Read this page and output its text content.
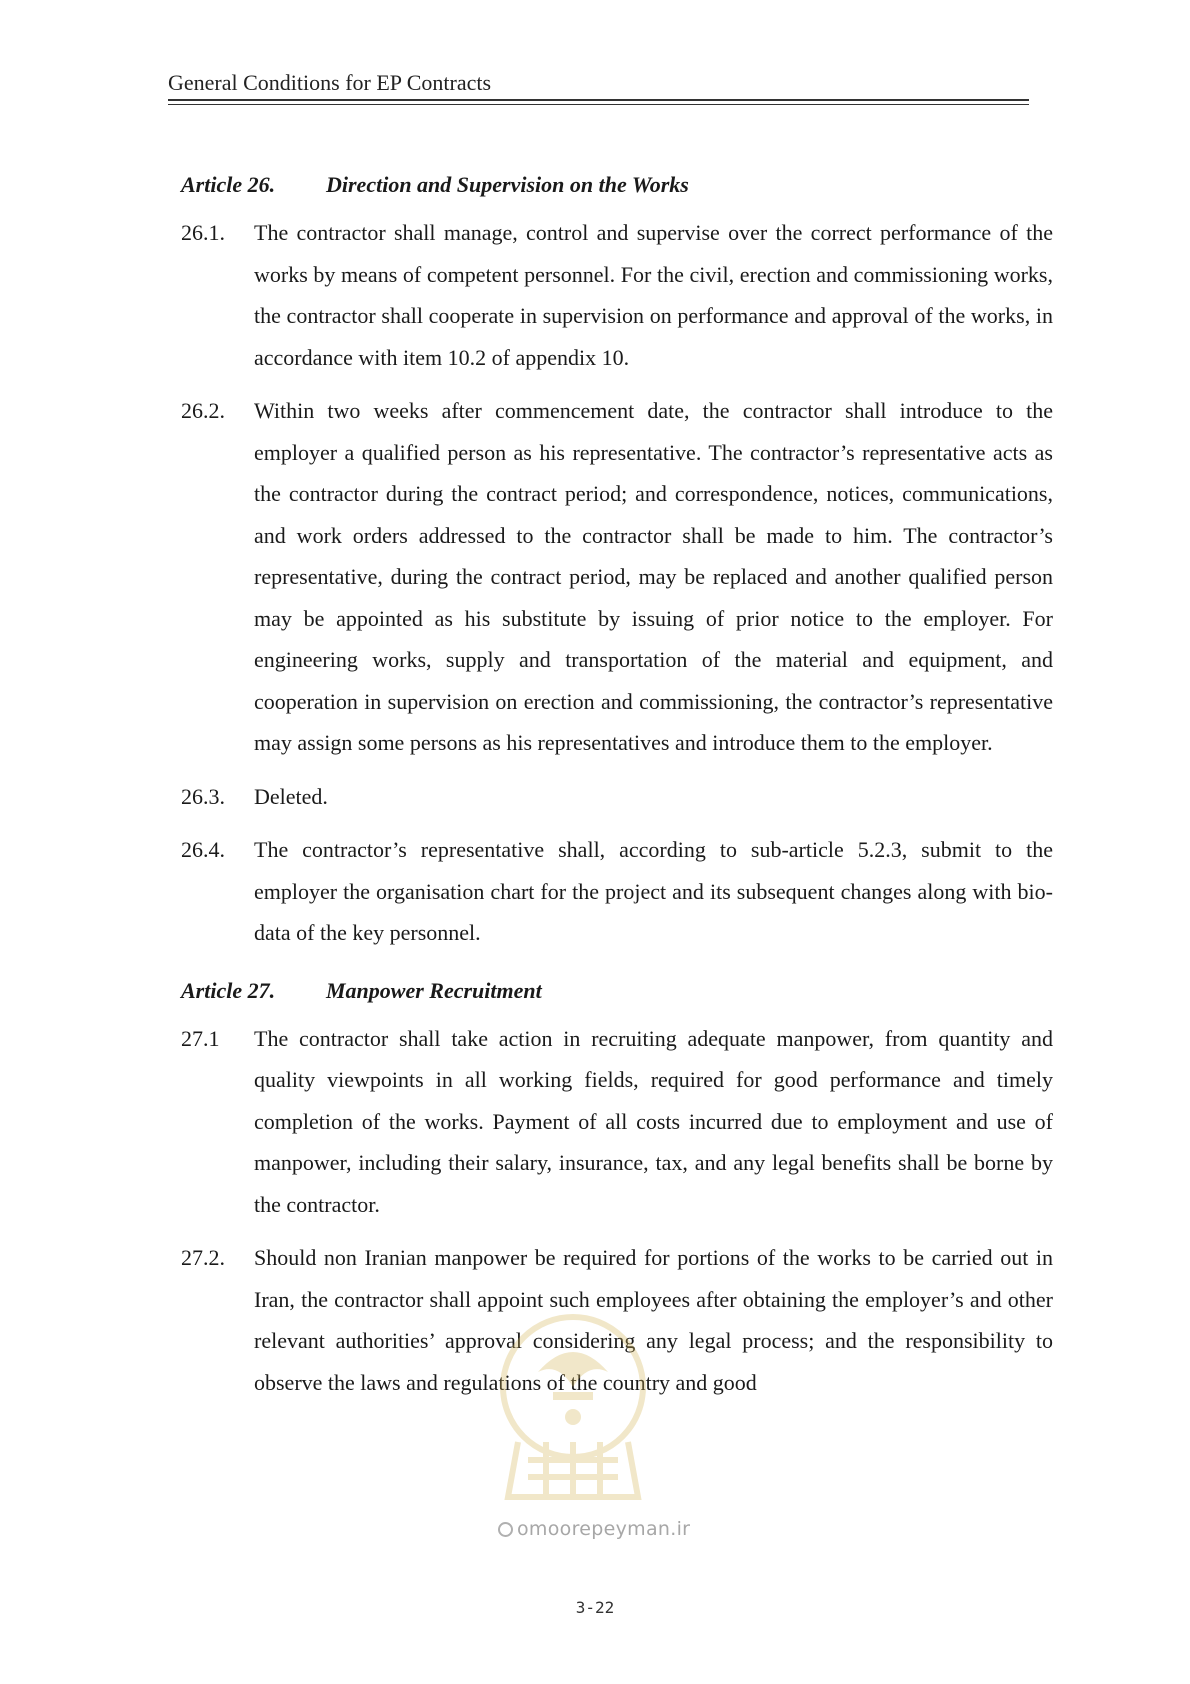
General Conditions for EP Contracts
Article 26.	Direction and Supervision on the Works
26.1.	The contractor shall manage, control and supervise over the correct performance of the works by means of competent personnel. For the civil, erection and commissioning works, the contractor shall cooperate in supervision on performance and approval of the works, in accordance with item 10.2 of appendix 10.
26.2.	Within two weeks after commencement date, the contractor shall introduce to the employer a qualified person as his representative. The contractor’s representative acts as the contractor during the contract period; and correspondence, notices, communications, and work orders addressed to the contractor shall be made to him. The contractor’s representative, during the contract period, may be replaced and another qualified person may be appointed as his substitute by issuing of prior notice to the employer. For engineering works, supply and transportation of the material and equipment, and cooperation in supervision on erection and commissioning, the contractor’s representative may assign some persons as his representatives and introduce them to the employer.
26.3.	Deleted.
26.4.	The contractor’s representative shall, according to sub-article 5.2.3, submit to the employer the organisation chart for the project and its subsequent changes along with bio-data of the key personnel.
Article 27.	Manpower Recruitment
27.1	The contractor shall take action in recruiting adequate manpower, from quantity and quality viewpoints in all working fields, required for good performance and timely completion of the works. Payment of all costs incurred due to employment and use of manpower, including their salary, insurance, tax, and any legal benefits shall be borne by the contractor.
27.2.	Should non Iranian manpower be required for portions of the works to be carried out in Iran, the contractor shall appoint such employees after obtaining the employer’s and other relevant authorities’ approval considering any legal process; and the responsibility to observe the laws and regulations of the country and good
omoorepeyman.ir
3-22
